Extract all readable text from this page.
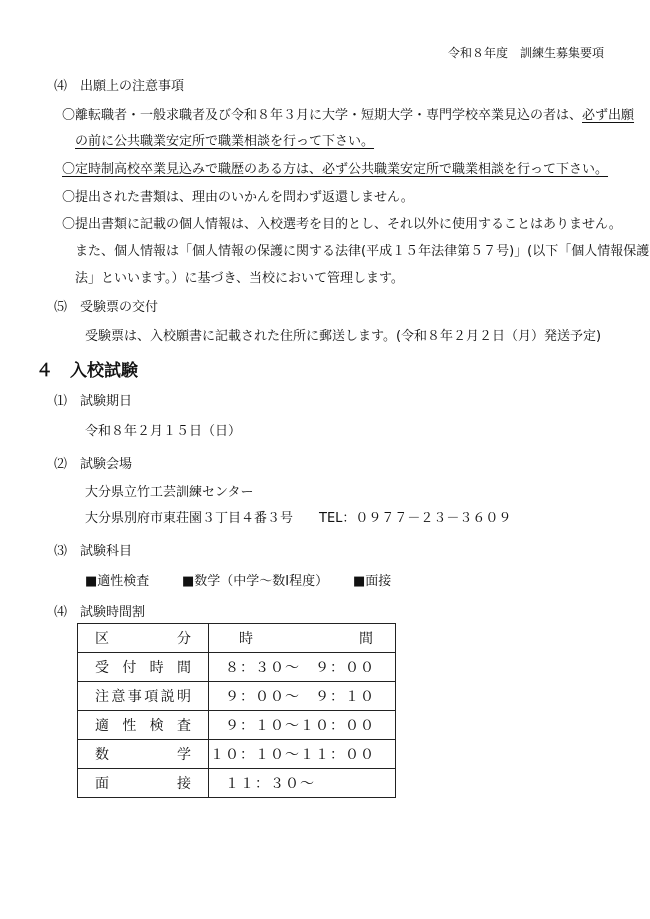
令和８年度　訓練生募集要項
⑷　出願上の注意事項
〇離転職者・一般求職者及び令和８年３月に大学・短期大学・専門学校卒業見込の者は、必ず出願
の前に公共職業安定所で職業相談を行って下さい。
〇定時制高校卒業見込みで職歴のある方は、必ず公共職業安定所で職業相談を行って下さい。
〇提出された書類は、理由のいかんを問わず返還しません。
〇提出書類に記載の個人情報は、入校選考を目的とし、それ以外に使用することはありません。
また、個人情報は「個人情報の保護に関する法律(平成１５年法律第５７号)」(以下「個人情報保護
法」といいます。）に基づき、当校において管理します。
⑸　受験票の交付
受験票は、入校願書に記載された住所に郵送します。(令和８年２月２日（月）発送予定)
４　入校試験
⑴　試験期日
令和８年２月１５日（日）
⑵　試験会場
大分県立竹工芸訓練センター
大分県別府市東荘園３丁目４番３号　　TEL：０９７７－２３－３６０９
⑶　試験科目
■適性検査	■数学（中学～数Ⅰ程度） ■面接
⑷　試験時間割
区分	時間

受付時間	８：３０～　９：００

注意事項説明	９：００～　９：１０

適性検査	９：１０～１０：００

数学	１０：１０～１１：００

面接	１１：３０～　　　　
